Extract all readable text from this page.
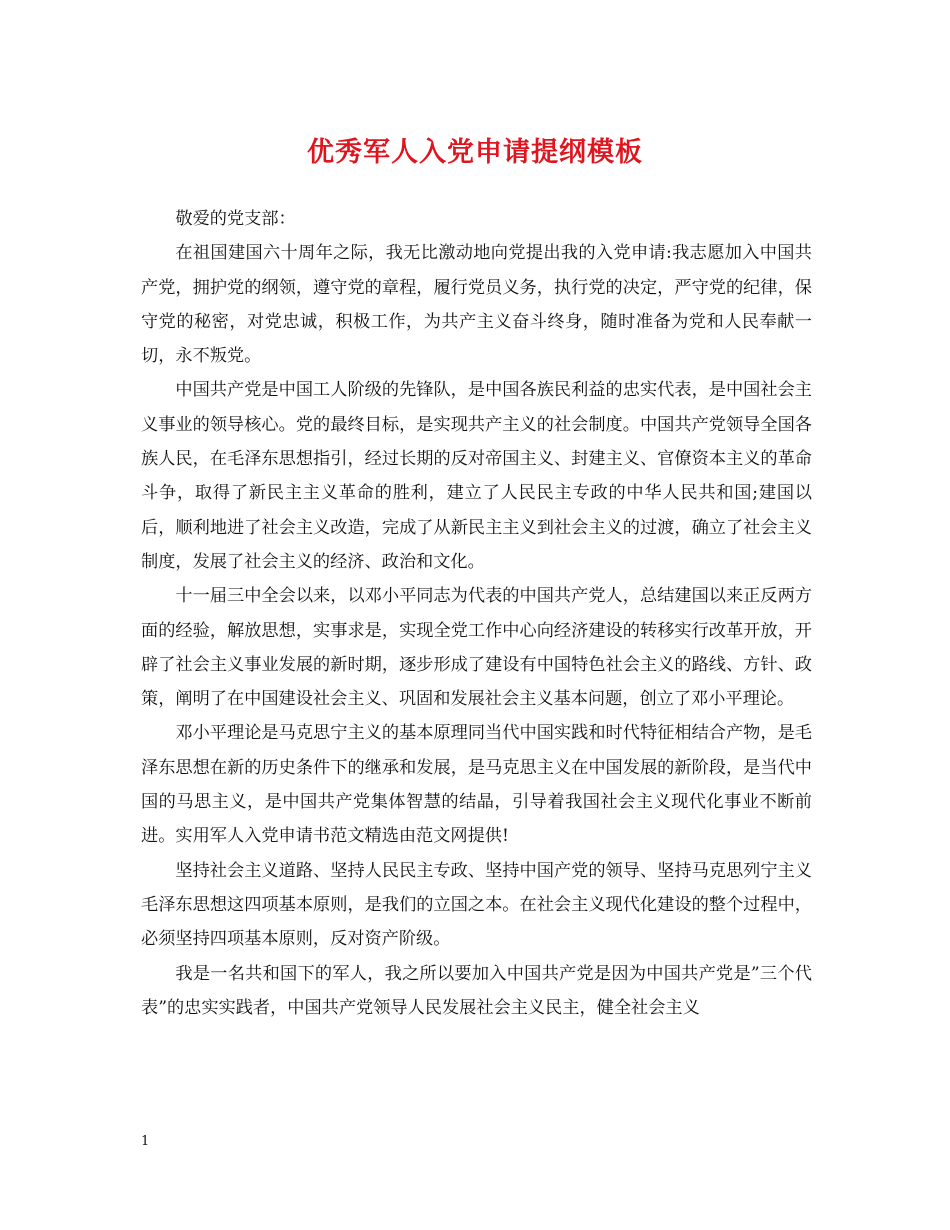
优秀军人入党申请提纲模板

敬爱的党支部：

在祖国建国六十周年之际，我无比激动地向党提出我的入党申请:我志愿加入中国共产党，拥护党的纲领，遵守党的章程，履行党员义务，执行党的决定，严守党的纪律，保守党的秘密，对党忠诚，积极工作，为共产主义奋斗终身，随时准备为党和人民奉献一切，永不叛党。

中国共产党是中国工人阶级的先锋队，是中国各族民利益的忠实代表，是中国社会主义事业的领导核心。党的最终目标，是实现共产主义的社会制度。中国共产党领导全国各族人民，在毛泽东思想指引，经过长期的反对帝国主义、封建主义、官僚资本主义的革命斗争，取得了新民主主义革命的胜利，建立了人民民主专政的中华人民共和国;建国以后，顺利地进了社会主义改造，完成了从新民主主义到社会主义的过渡，确立了社会主义制度，发展了社会主义的经济、政治和文化。

十一届三中全会以来，以邓小平同志为代表的中国共产党人，总结建国以来正反两方面的经验，解放思想，实事求是，实现全党工作中心向经济建设的转移实行改革开放，开辟了社会主义事业发展的新时期，逐步形成了建设有中国特色社会主义的路线、方针、政策，阐明了在中国建设社会主义、巩固和发展社会主义基本问题，创立了邓小平理论。

邓小平理论是马克思宁主义的基本原理同当代中国实践和时代特征相结合产物，是毛泽东思想在新的历史条件下的继承和发展，是马克思主义在中国发展的新阶段，是当代中国的马思主义，是中国共产党集体智慧的结晶，引导着我国社会主义现代化事业不断前进。实用军人入党申请书范文精选由范文网提供!

坚持社会主义道路、坚持人民民主专政、坚持中国产党的领导、坚持马克思列宁主义毛泽东思想这四项基本原则，是我们的立国之本。在社会主义现代化建设的整个过程中，必须坚持四项基本原则，反对资产阶级。

我是一名共和国下的军人，我之所以要加入中国共产党是因为中国共产党是”三个代表”的忠实实践者，中国共产党领导人民发展社会主义民主，健全社会主义

1
